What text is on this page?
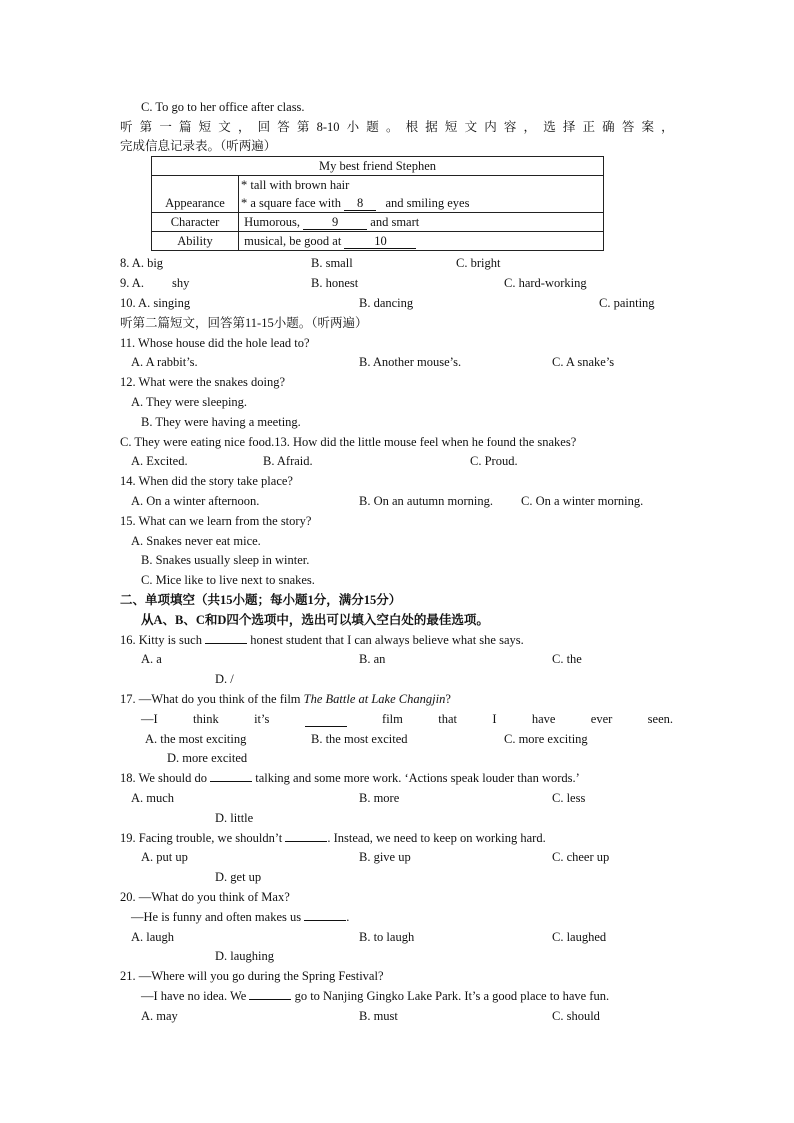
C. To go to her office after class.
听 第 一 篇 短 文 ， 回 答 第 8-10 小 题 。 根 据 短 文 内 容 ， 选 择 正 确 答 案 ，
完成信息记录表。（听两遍）
My best friend Stephen	
Appearance	* tall with brown hair
* a square face with 8 and smiling eyes

Character	Humorous, 9 and smart
Ability	musical, be good at 10
8. A. big	B. small	C. bright
9. A. shy	B. honest	C. hard-working
10. A. singing	B. dancing	C. painting
听第二篇短文，回答第11-15小题。（听两遍）
11. Whose house did the hole lead to?
A. A rabbit’s.	B. Another mouse’s.	C. A snake’s
12. What were the snakes doing?
A. They were sleeping.
B. They were having a meeting.
C. They were eating nice food.13. How did the little mouse feel when he found the snakes?
A. Excited.	B. Afraid.	C. Proud.
14. When did the story take place?
A. On a winter afternoon.	B. On an autumn morning. C. On a winter morning.
15. What can we learn from the story?
A. Snakes never eat mice.
B. Snakes usually sleep in winter.
C. Mice like to live next to snakes.
二、单项填空（共15小题；每小题1分，满分15分）
从A、B、C和D四个选项中，选出可以填入空白处的最佳选项。
16. Kitty is such	honest student that I can always believe what she says.
A. a	B. an	C. the
D. /
17. —What do you think of the film The Battle at Lake Changjin?
—I	think	it’s
	film	that	I	have	ever	seen.
A. the most exciting	B. the most excited	C. more exciting
D. more excited
18. We should do	talking and some more work. ‘Actions speak louder than words.’
A. much	B. more	C. less
D. little
19. Facing trouble, we shouldn’t	. Instead, we need to keep on working hard.
A. put up	B. give up	C. cheer up
D. get up
20. —What do you think of Max?
—He is funny and often makes us	.
A. laugh	B. to laugh	C. laughed
D. laughing
21. —Where will you go during the Spring Festival?
—I have no idea. We	go to Nanjing Gingko Lake Park. It’s a good place to have fun.
A. may	B. must	C. should
